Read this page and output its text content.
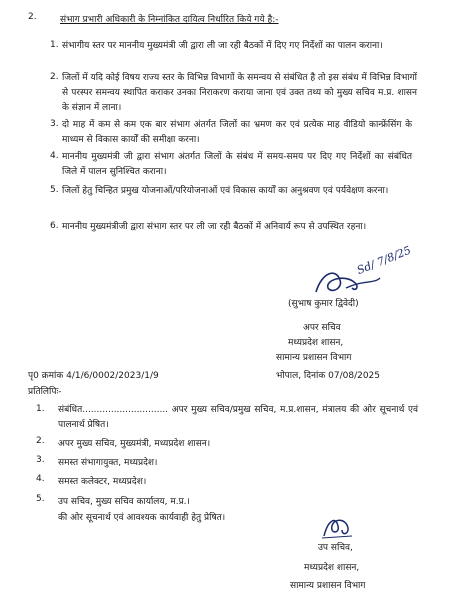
2.	संभाग प्रभारी अधिकारी के निम्नांकित दायित्व निर्धारित किये गये है:-
1. संभागीय स्तर पर माननीय मुख्यमंत्री जी द्वारा ली जा रही बैठकों में दिए गए निर्देशों का पालन कराना।
2. जिलों में यदि कोई विषय राज्य स्तर के विभिन्न विभागों के समन्वय से संबंधित है तो इस संबंध में विभिन्न विभागों से परस्पर समन्वय स्थापित कराकर उनका निराकरण कराया जाना एवं उक्त तथ्य को मुख्य सचिव म.प्र. शासन के संज्ञान में लाना।
3. दो माह में कम से कम एक बार संभाग अंतर्गत जिलों का भ्रमण कर एवं प्रत्येक माह वीडियो कान्फ्रेंसिंग के माध्यम से विकास कार्यों की समीक्षा करना।
4. माननीय मुख्यमंत्री जी द्वारा संभाग अंतर्गत जिलों के संबंध में समय-समय पर दिए गए निर्देशों का संबंधित जिले में पालन सुनिश्चित कराना।
5. जिलों हेतु चिन्हित प्रमुख योजनाओं/परियोजनाओं एवं विकास कार्यों का अनुश्रवण एवं पर्यवेक्षण करना।
6. माननीय मुख्यमंत्रीजी द्वारा संभाग स्तर पर ली जा रही बैठकों में अनिवार्य रूप से उपस्थित रहना।
Sd/ 7/8/25
(सुभाष कुमार द्विवेदी)
अपर सचिव
मध्यप्रदेश शासन,
सामान्य प्रशासन विभाग
पृ0 क्रमांक 4/1/6/0002/2023/1/9	भोपाल, दिनांक 07/08/2025
प्रतिलिपिः-
1. संबंधित.............................. अपर मुख्य सचिव/प्रमुख सचिव, म.प्र.शासन, मंत्रालय की ओर सूचनार्थ एवं पालनार्थ प्रेषित।
2. अपर मुख्य सचिव, मुख्यमंत्री, मध्यप्रदेश शासन।
3. समस्त संभागायुक्त, मध्यप्रदेश।
4. समस्त कलेक्टर, मध्यप्रदेश।
5. उप सचिव, मुख्य सचिव कार्यालय, म.प्र.।
की ओर सूचनार्थ एवं आवश्यक कार्यवाही हेतु प्रेषित।
उप सचिव,
मध्यप्रदेश शासन,
सामान्य प्रशासन विभाग
